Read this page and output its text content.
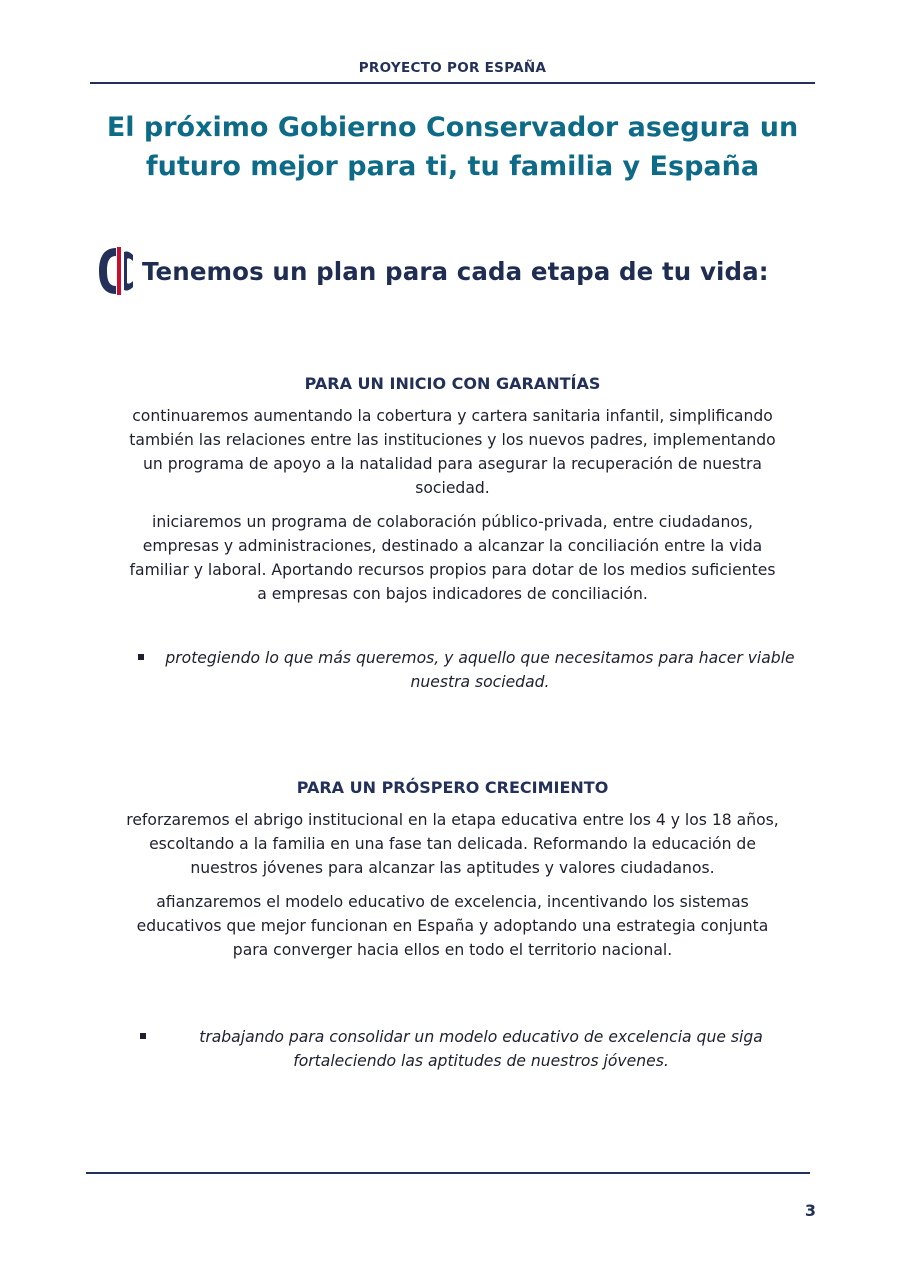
PROYECTO POR ESPAÑA
El próximo Gobierno Conservador asegura un futuro mejor para ti, tu familia y España
Tenemos un plan para cada etapa de tu vida:
PARA UN INICIO CON GARANTÍAS

continuaremos aumentando la cobertura y cartera sanitaria infantil, simplificando también las relaciones entre las instituciones y los nuevos padres, implementando un programa de apoyo a la natalidad para asegurar la recuperación de nuestra sociedad.

iniciaremos un programa de colaboración público-privada, entre ciudadanos, empresas y administraciones, destinado a alcanzar la conciliación entre la vida familiar y laboral. Aportando recursos propios para dotar de los medios suficientes a empresas con bajos indicadores de conciliación.

protegiendo lo que más queremos, y aquello que necesitamos para hacer viable nuestra sociedad.
PARA UN PRÓSPERO CRECIMIENTO

reforzaremos el abrigo institucional en la etapa educativa entre los 4 y los 18 años, escoltando a la familia en una fase tan delicada. Reformando la educación de nuestros jóvenes para alcanzar las aptitudes y valores ciudadanos.

afianzaremos el modelo educativo de excelencia, incentivando los sistemas educativos que mejor funcionan en España y adoptando una estrategia conjunta para converger hacia ellos en todo el territorio nacional.

trabajando para consolidar un modelo educativo de excelencia que siga fortaleciendo las aptitudes de nuestros jóvenes.
3
